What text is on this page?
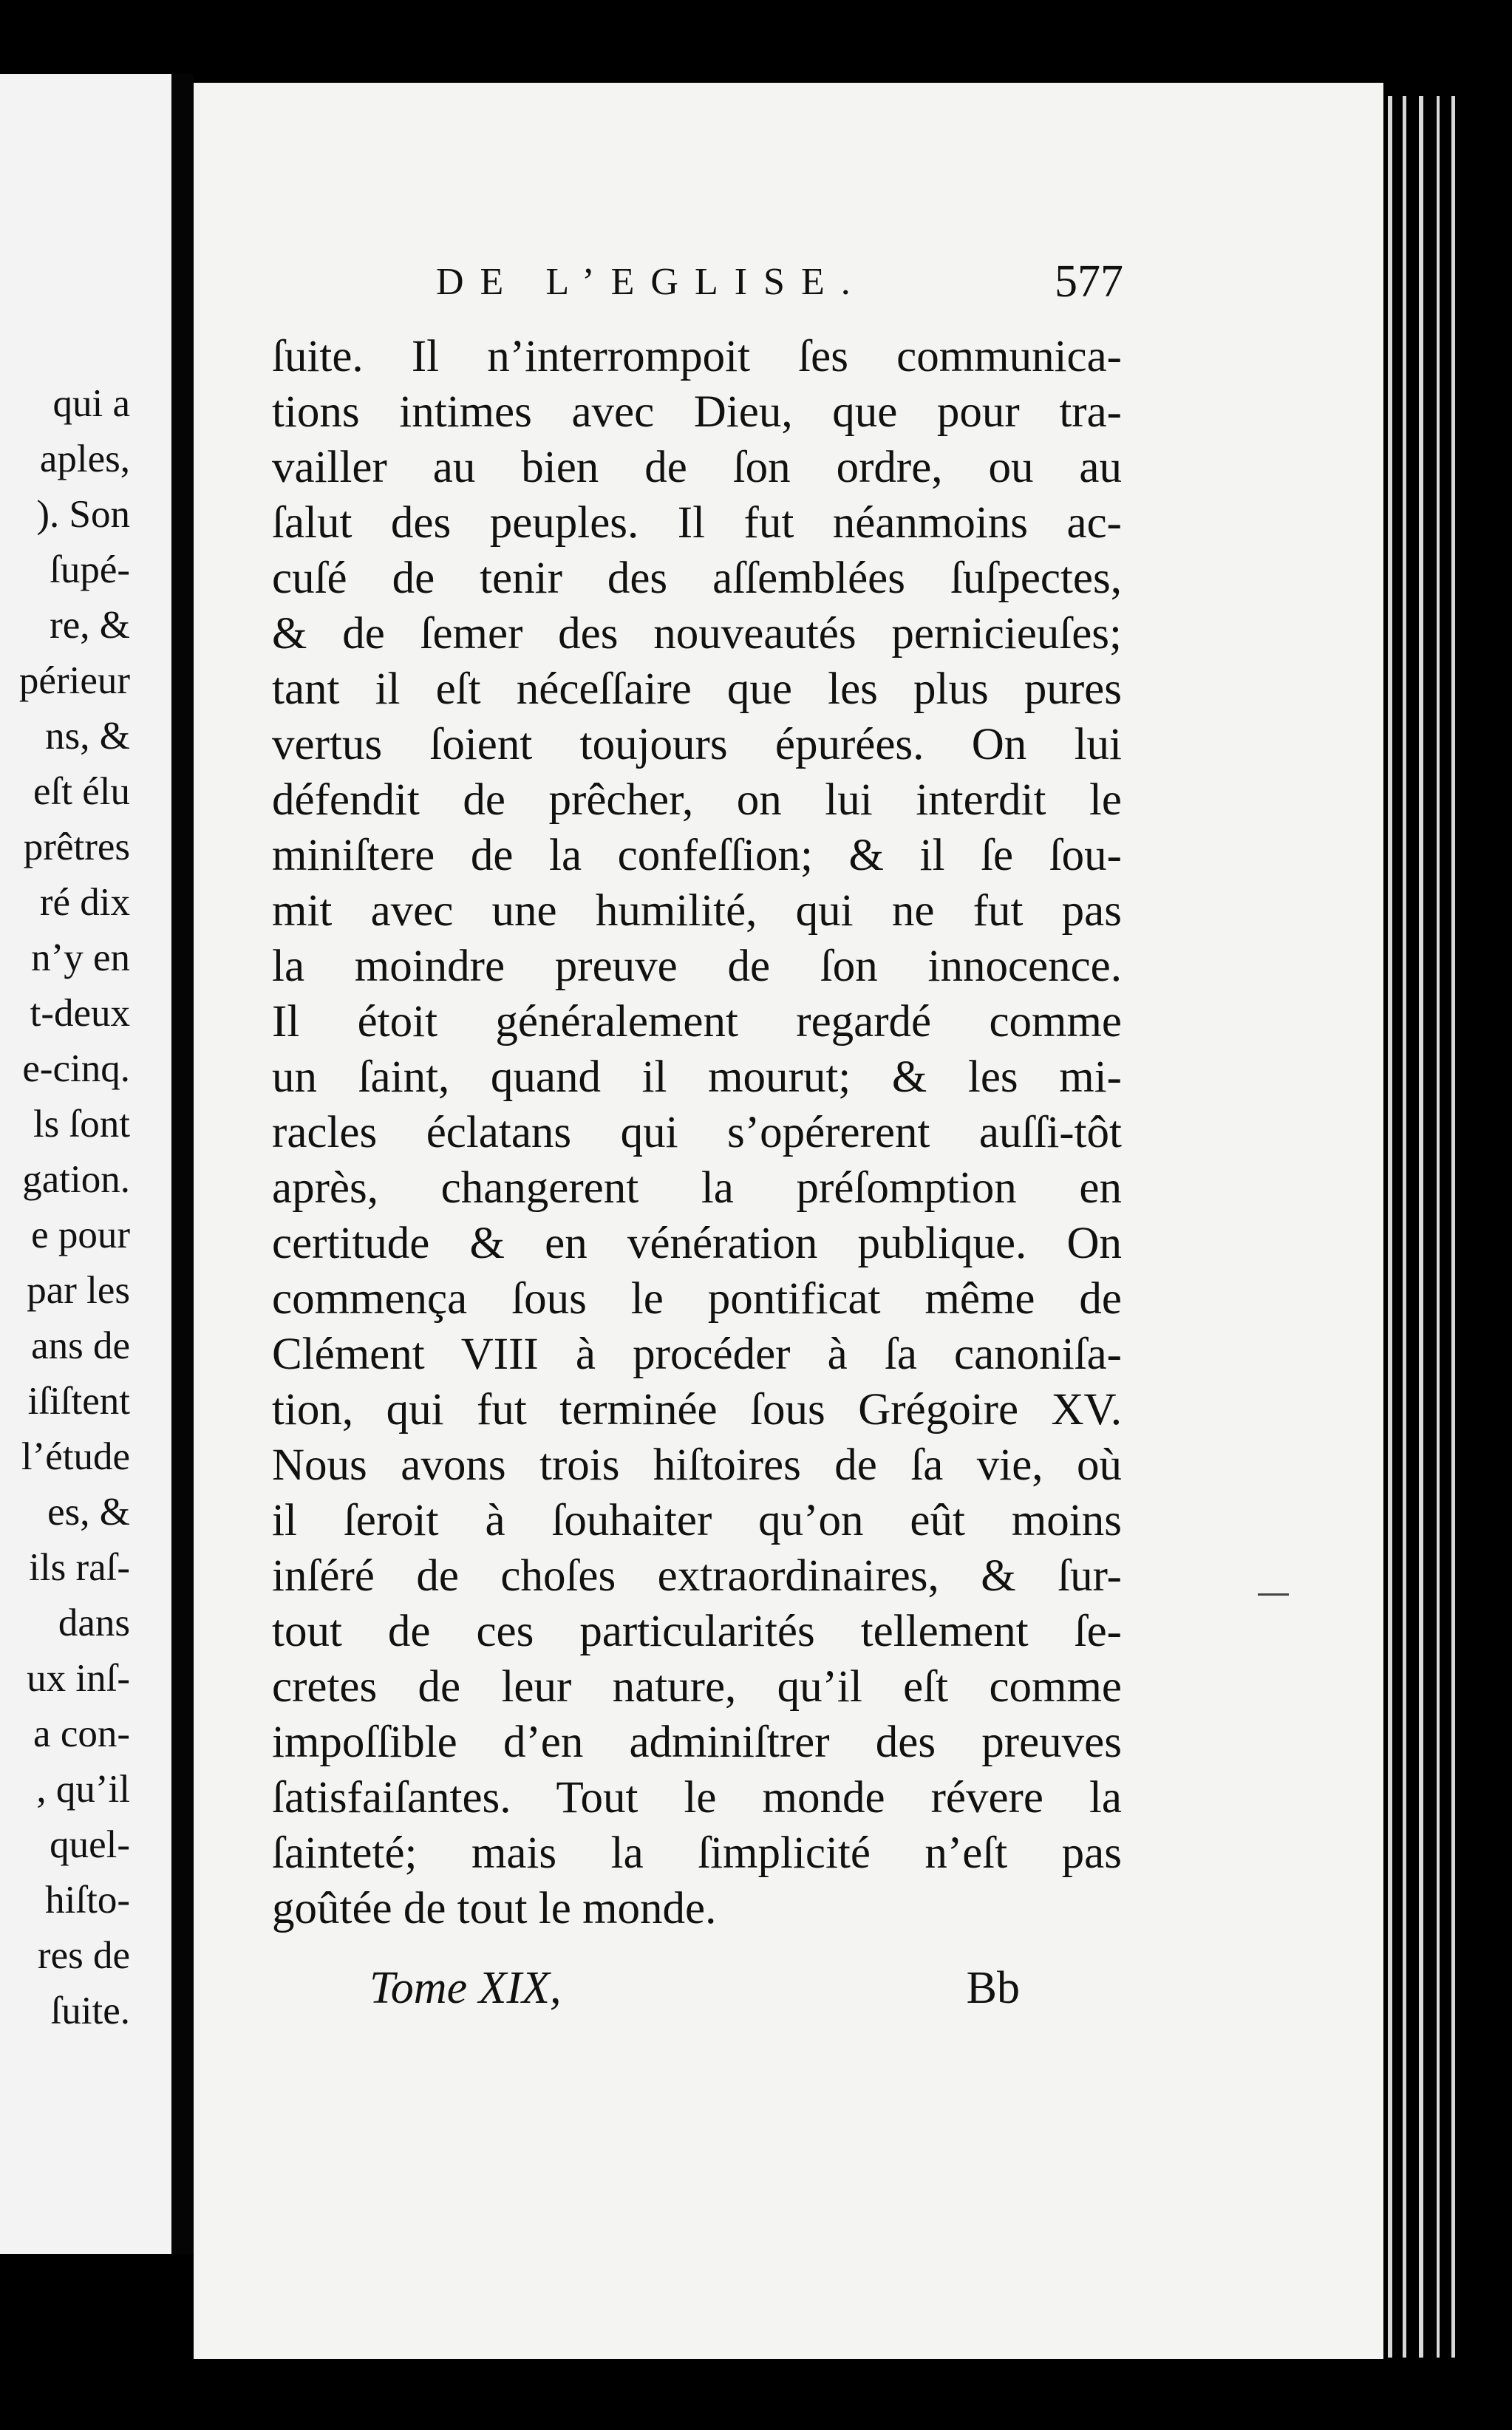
qui a
aples,
). Son
ſupé-
re, &
périeur
ns, &
eſt élu
prêtres
ré dix
n’y en
t-deux
e-cinq.
ls ſont
gation.
e pour
par les
ans de
iſiſtent
l’étude
es, &
ils raſ-
dans
ux inſ-
a con-
, qu’il
quel-
hiſto-
res de
ſuite.
DE L’EGLISE.	577
ſuite. Il n’interrompoit ſes communica-
tions intimes avec Dieu, que pour tra-
vailler au bien de ſon ordre, ou au
ſalut des peuples. Il fut néanmoins ac-
cuſé de tenir des aſſemblées ſuſpectes,
& de ſemer des nouveautés pernicieuſes;
tant il eſt néceſſaire que les plus pures
vertus ſoient toujours épurées. On lui
défendit de prêcher, on lui interdit le
miniſtere de la confeſſion; & il ſe ſou-
mit avec une humilité, qui ne fut pas
la moindre preuve de ſon innocence.
Il étoit généralement regardé comme
un ſaint, quand il mourut; & les mi-
racles éclatans qui s’opérerent auſſi-tôt
après, changerent la préſomption en
certitude & en vénération publique. On
commença ſous le pontificat même de
Clément VIII à procéder à ſa canoniſa-
tion, qui fut terminée ſous Grégoire XV.
Nous avons trois hiſtoires de ſa vie, où
il ſeroit à ſouhaiter qu’on eût moins
inſéré de choſes extraordinaires, & ſur-
tout de ces particularités tellement ſe-
cretes de leur nature, qu’il eſt comme
impoſſible d’en adminiſtrer des preuves
ſatisfaiſantes. Tout le monde révere la
ſainteté; mais la ſimplicité n’eſt pas
goûtée de tout le monde.
Tome XIX,	Bb
